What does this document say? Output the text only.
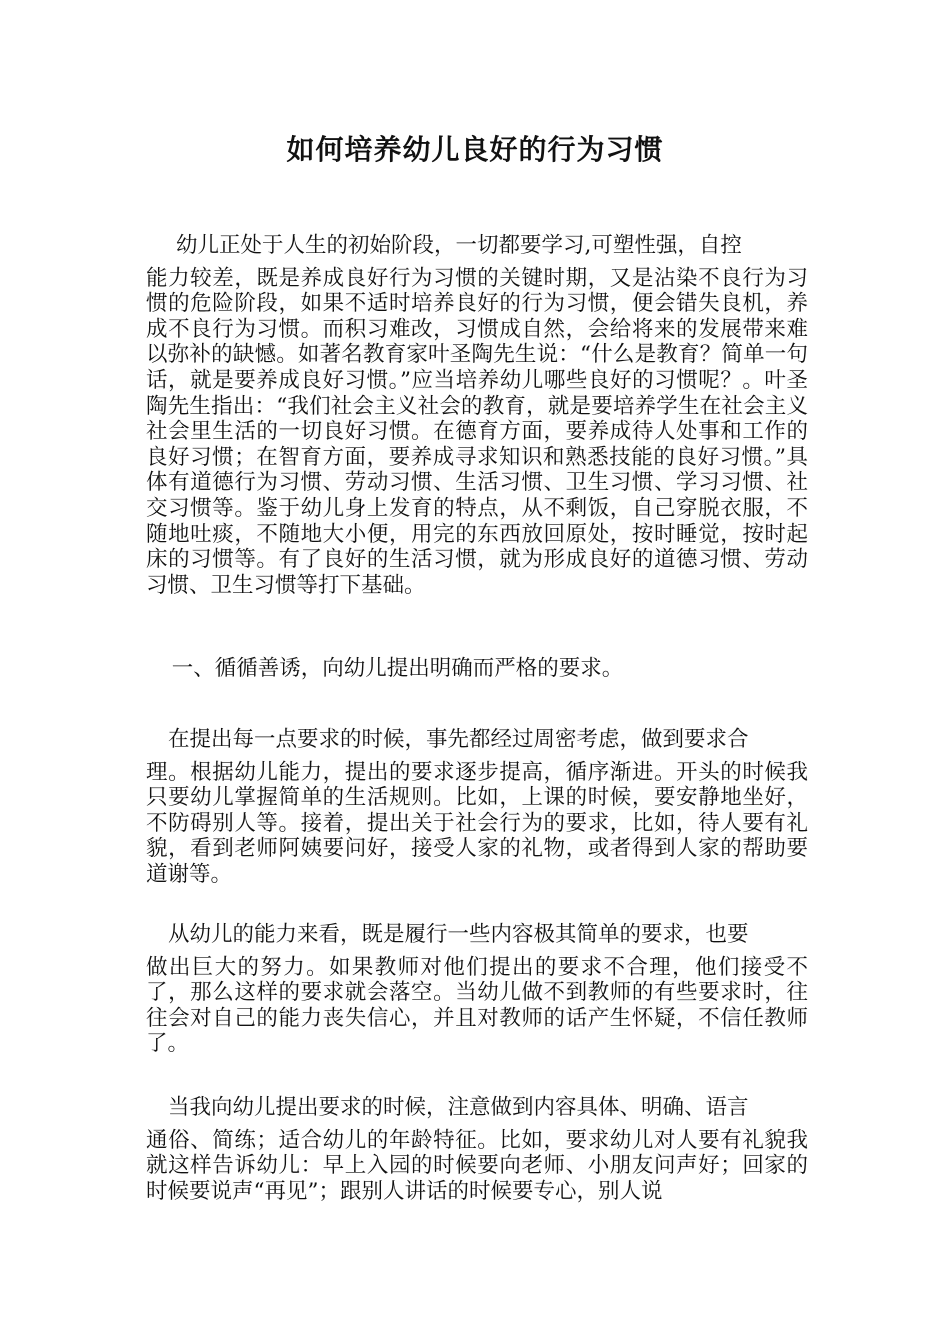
如何培养幼儿良好的行为习惯
幼儿正处于人生的初始阶段，一切都要学习,可塑性强，自控
能力较差，既是养成良好行为习惯的关键时期，又是沾染不良行为习惯的危险阶段，如果不适时培养良好的行为习惯，便会错失良机，养成不良行为习惯。而积习难改，习惯成自然，会给将来的发展带来难以弥补的缺憾。如著名教育家叶圣陶先生说：“什么是教育？简单一句话，就是要养成良好习惯。”应当培养幼儿哪些良好的习惯呢？。叶圣陶先生指出：“我们社会主义社会的教育，就是要培养学生在社会主义社会里生活的一切良好习惯。在德育方面，要养成待人处事和工作的良好习惯；在智育方面，要养成寻求知识和熟悉技能的良好习惯。”具体有道德行为习惯、劳动习惯、生活习惯、卫生习惯、学习习惯、社交习惯等。鉴于幼儿身上发育的特点，从不剩饭，自己穿脱衣服，不随地吐痰，不随地大小便，用完的东西放回原处，按时睡觉，按时起床的习惯等。有了良好的生活习惯，就为形成良好的道德习惯、劳动习惯、卫生习惯等打下基础。
一、循循善诱，向幼儿提出明确而严格的要求。
在提出每一点要求的时候，事先都经过周密考虑，做到要求合
理。根据幼儿能力，提出的要求逐步提高，循序渐进。开头的时候我只要幼儿掌握简单的生活规则。比如，上课的时候，要安静地坐好，不防碍别人等。接着，提出关于社会行为的要求，比如，待人要有礼貌，看到老师阿姨要问好，接受人家的礼物，或者得到人家的帮助要道谢等。
从幼儿的能力来看，既是履行一些内容极其简单的要求，也要
做出巨大的努力。如果教师对他们提出的要求不合理，他们接受不了，那么这样的要求就会落空。当幼儿做不到教师的有些要求时，往往会对自己的能力丧失信心，并且对教师的话产生怀疑，不信任教师了。
当我向幼儿提出要求的时候，注意做到内容具体、明确、语言
通俗、简练；适合幼儿的年龄特征。比如，要求幼儿对人要有礼貌我就这样告诉幼儿：早上入园的时候要向老师、小朋友问声好；回家的时候要说声“再见”；跟别人讲话的时候要专心，别人说
